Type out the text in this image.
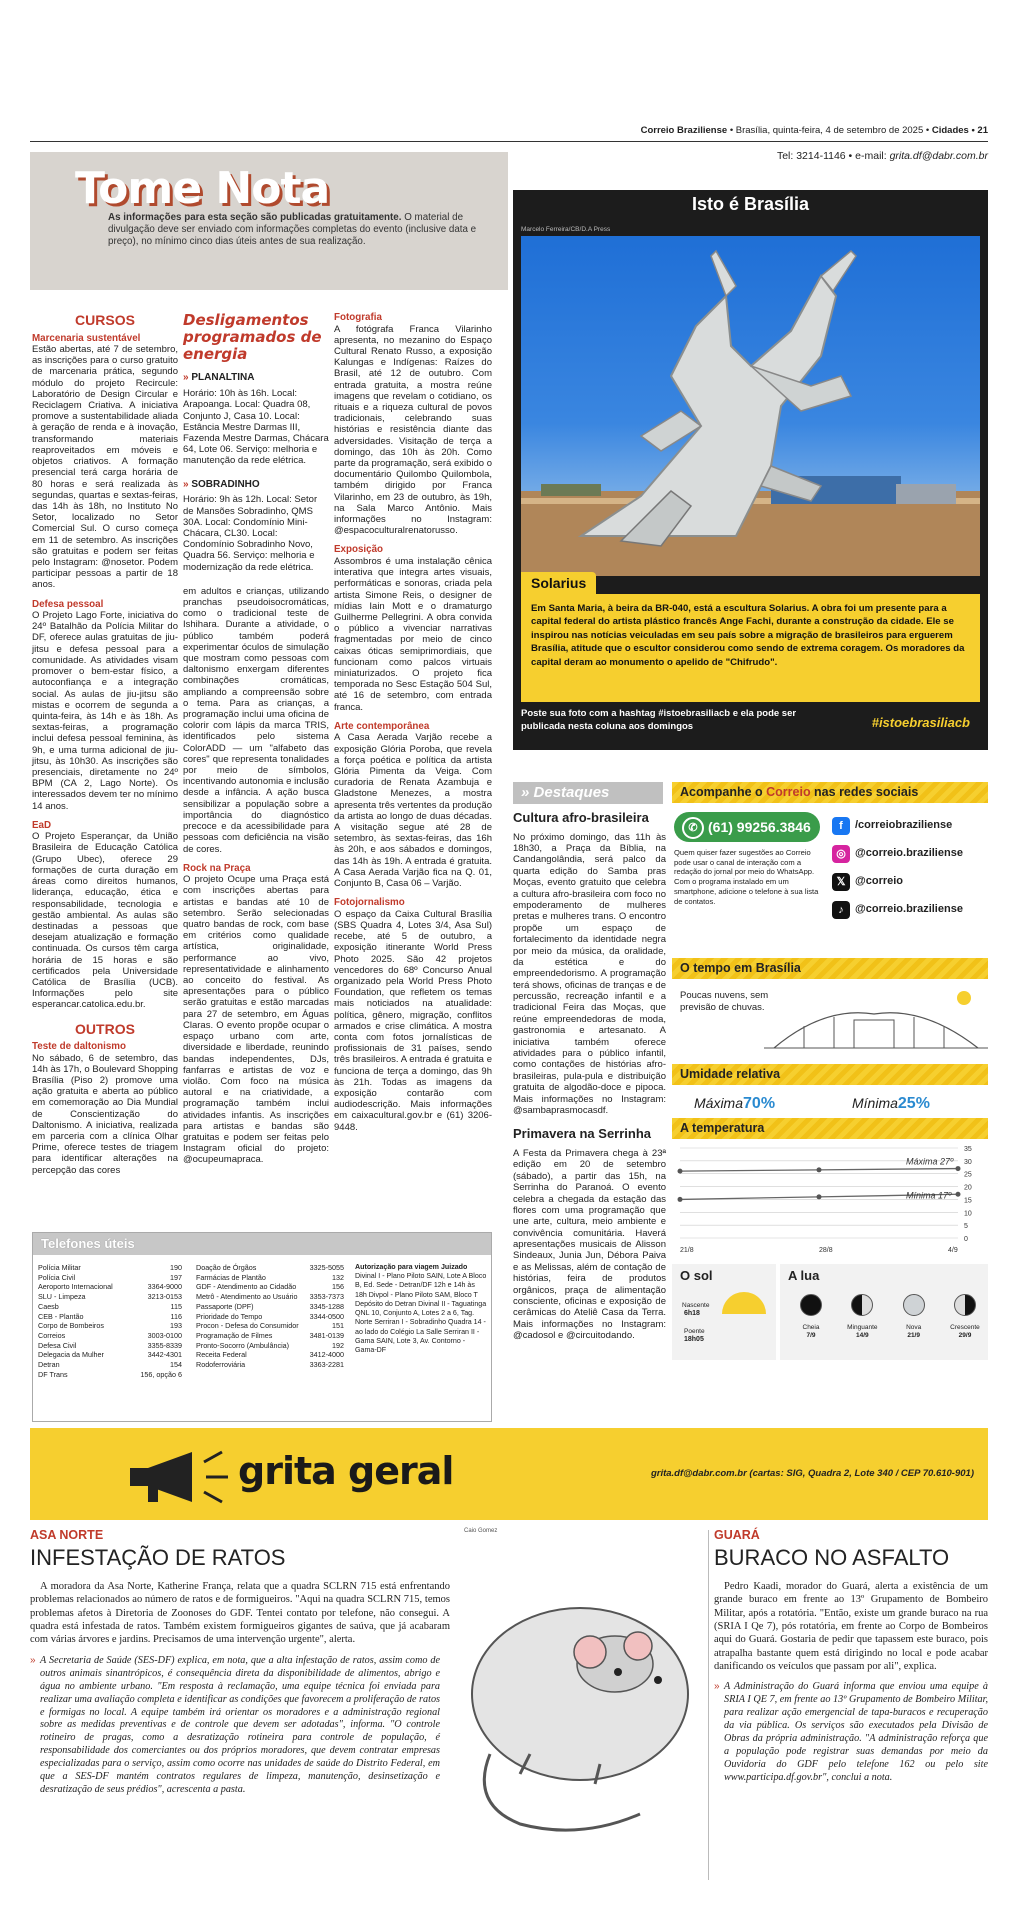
Correio Braziliense • Brasília, quinta-feira, 4 de setembro de 2025 • Cidades • 21
Tel: 3214-1146 • e-mail: grita.df@dabr.com.br
Tome Nota
As informações para esta seção são publicadas gratuitamente. O material de divulgação deve ser enviado com informações completas do evento (inclusive data e preço), no mínimo cinco dias úteis antes de sua realização.
CURSOS
Marcenaria sustentável

Estão abertas, até 7 de setembro, as inscrições para o curso gratuito de marcenaria prática, segundo módulo do projeto Recircule: Laboratório de Design Circular e Reciclagem Criativa. A iniciativa promove a sustentabilidade aliada à geração de renda e à inovação, transformando materiais reaproveitados em móveis e objetos criativos. A formação presencial terá carga horária de 80 horas e será realizada às segundas, quartas e sextas-feiras, das 14h às 18h, no Instituto No Setor, localizado no Setor Comercial Sul. O curso começa em 11 de setembro. As inscrições são gratuitas e podem ser feitas pelo Instagram: @nosetor. Podem participar pessoas a partir de 18 anos.

Defesa pessoal

O Projeto Lago Forte, iniciativa do 24º Batalhão da Polícia Militar do DF, oferece aulas gratuitas de jiu-jitsu e defesa pessoal para a comunidade. As atividades visam promover o bem-estar físico, a autoconfiança e a integração social. As aulas de jiu-jitsu são mistas e ocorrem de segunda a quinta-feira, às 14h e às 18h. As sextas-feiras, a programação inclui defesa pessoal feminina, às 9h, e uma turma adicional de jiu-jitsu, às 10h30. As inscrições são presenciais, diretamente no 24º BPM (CA 2, Lago Norte). Os interessados devem ter no mínimo 14 anos.

EaD

O Projeto Esperançar, da União Brasileira de Educação Católica (Grupo Ubec), oferece 29 formações de curta duração em áreas como direitos humanos, liderança, educação, ética e responsabilidade, tecnologia e gestão ambiental. As aulas são destinadas a pessoas que desejam atualização e formação continuada. Os cursos têm carga horária de 15 horas e são certificados pela Universidade Católica de Brasília (UCB). Informações pelo site esperancar.catolica.edu.br.

OUTROS
Teste de daltonismo

No sábado, 6 de setembro, das 14h às 17h, o Boulevard Shopping Brasília (Piso 2) promove uma ação gratuita e aberta ao público em comemoração ao Dia Mundial de Conscientização do Daltonismo. A iniciativa, realizada em parceria com a clínica Olhar Prime, oferece testes de triagem para identificar alterações na percepção das cores

Desligamentos programados de energia
» PLANALTINA

Horário: 10h às 16h. Local: Arapoanga. Local: Quadra 08, Conjunto J, Casa 10. Local: Estância Mestre Darmas III, Fazenda Mestre Darmas, Chácara 64, Lote 06. Serviço: melhoria e manutenção da rede elétrica.

» SOBRADINHO

Horário: 9h às 12h. Local: Setor de Mansões Sobradinho, QMS 30A. Local: Condomínio Mini-Chácara, CL30. Local: Condomínio Sobradinho Novo, Quadra 56. Serviço: melhoria e modernização da rede elétrica.

em adultos e crianças, utilizando pranchas pseudoisocromáticas, como o tradicional teste de Ishihara. Durante a atividade, o público também poderá experimentar óculos de simulação que mostram como pessoas com daltonismo enxergam diferentes combinações cromáticas, ampliando a compreensão sobre o tema. Para as crianças, a programação inclui uma oficina de colorir com lápis da marca TRIS, identificados pelo sistema ColorADD — um "alfabeto das cores" que representa tonalidades por meio de símbolos, incentivando autonomia e inclusão desde a infância. A ação busca sensibilizar a população sobre a importância do diagnóstico precoce e da acessibilidade para pessoas com deficiência na visão de cores.

Rock na Praça

O projeto Ocupe uma Praça está com inscrições abertas para artistas e bandas até 10 de setembro. Serão selecionadas quatro bandas de rock, com base em critérios como qualidade artística, originalidade, performance ao vivo, representatividade e alinhamento ao conceito do festival. As apresentações para o público serão gratuitas e estão marcadas para 27 de setembro, em Águas Claras. O evento propõe ocupar o espaço urbano com arte, diversidade e liberdade, reunindo bandas independentes, DJs, fanfarras e artistas de voz e violão. Com foco na música autoral e na criatividade, a programação também inclui atividades infantis. As inscrições para artistas e bandas são gratuitas e podem ser feitas pelo Instagram oficial do projeto: @ocupeumapraca.

Fotografia

A fotógrafa Franca Vilarinho apresenta, no mezanino do Espaço Cultural Renato Russo, a exposição Kalungas e Indígenas: Raízes do Brasil, até 12 de outubro. Com entrada gratuita, a mostra reúne imagens que revelam o cotidiano, os rituais e a riqueza cultural de povos tradicionais, celebrando suas histórias e resistência diante das adversidades. Visitação de terça a domingo, das 10h às 20h. Como parte da programação, será exibido o documentário Quilombo Quilombola, também dirigido por Franca Vilarinho, em 23 de outubro, às 19h, na Sala Marco Antônio. Mais informações no Instagram: @espacoculturalrenatorusso.

Exposição

Assombros é uma instalação cênica interativa que integra artes visuais, performáticas e sonoras, criada pela artista Simone Reis, o designer de mídias Iain Mott e o dramaturgo Guilherme Pellegrini. A obra convida o público a vivenciar narrativas fragmentadas por meio de cinco caixas óticas semiprimordiais, que funcionam como palcos virtuais miniaturizados. O projeto fica temporada no Sesc Estação 504 Sul, até 16 de setembro, com entrada franca.

Arte contemporânea

A Casa Aerada Varjão recebe a exposição Glória Poroba, que revela a força poética e política da artista Glória Pimenta da Veiga. Com curadoria de Renata Azambuja e Gladstone Menezes, a mostra apresenta três vertentes da produção da artista ao longo de duas décadas. A visitação segue até 28 de setembro, às sextas-feiras, das 16h às 20h, e aos sábados e domingos, das 14h às 19h. A entrada é gratuita. A Casa Aerada Varjão fica na Q. 01, Conjunto B, Casa 06 – Varjão.

Fotojornalismo

O espaço da Caixa Cultural Brasília (SBS Quadra 4, Lotes 3/4, Asa Sul) recebe, até 5 de outubro, a exposição itinerante World Press Photo 2025. São 42 projetos vencedores do 68º Concurso Anual organizado pela World Press Photo Foundation, que refletem os temas mais noticiados na atualidade: política, gênero, migração, conflitos armados e crise climática. A mostra conta com fotos jornalísticas de profissionais de 31 países, sendo três brasileiros. A entrada é gratuita e funciona de terça a domingo, das 9h às 21h. Todas as imagens da exposição contarão com audiodescrição. Mais informações em caixacultural.gov.br e (61) 3206-9448.

Telefones úteis
Polícia Militar	190
Polícia Civil	197
Aeroporto Internacional	3364-9000
SLU - Limpeza	3213-0153
Caesb	115
CEB - Plantão	116
Corpo de Bombeiros	193
Correios	3003-0100
Defesa Civil	3355-8339
Delegacia da Mulher	3442-4301
Detran	154
DF Trans	156, opção 6
Doação de Órgãos	3325-5055
Farmácias de Plantão	132
GDF - Atendimento ao Cidadão	156
Metrô - Atendimento ao Usuário	3353-7373
Passaporte (DPF)	3345-1288
Prioridade do Tempo	3344-0500
Procon - Defesa do Consumidor	151
Programação de Filmes	3481-0139
Pronto-Socorro (Ambulância)	192
Receita Federal	3412-4000
Rodoferroviária	3363-2281
Autorização para viagem Juizado
Divinal I - Plano Piloto SAIN, Lote A Bloco B, Ed. Sede - Detran/DF 12h e 14h às 18h Divpol - Plano Piloto SAM, Bloco T Depósito do Detran Divinal II - Taguatinga QNL 10, Conjunto A, Lotes 2 a 6, Tag. Norte Serriran I - Sobradinho Quadra 14 - ao lado do Colégio La Salle Serriran II - Gama SAIN, Lote 3, Av. Contorno - Gama-DF
Isto é Brasília
Marcelo Ferreira/CB/D.A Press
Solarius
Em Santa Maria, à beira da BR-040, está a escultura Solarius. A obra foi um presente para a capital federal do artista plástico francês Ange Fachi, durante a construção da cidade. Ele se inspirou nas notícias veiculadas em seu país sobre a migração de brasileiros para erguerem Brasília, atitude que o escultor considerou como sendo de extrema coragem. Os moradores da capital deram ao monumento o apelido de "Chifrudo".
Poste sua foto com a hashtag #istoebrasiliacb e ela pode ser publicada nesta coluna aos domingos	#istoebrasiliacb
» Destaques
Cultura afro-brasileira

No próximo domingo, das 11h às 18h30, a Praça da Bíblia, na Candangolândia, será palco da quarta edição do Samba pras Moças, evento gratuito que celebra a cultura afro-brasileira com foco no empoderamento de mulheres pretas e mulheres trans. O encontro propõe um espaço de fortalecimento da identidade negra por meio da música, da oralidade, da estética e do empreendedorismo. A programação terá shows, oficinas de tranças e de percussão, recreação infantil e a tradicional Feira das Moças, que reúne empreendedoras de moda, gastronomia e artesanato. A iniciativa também oferece atividades para o público infantil, como contações de histórias afro-brasileiras, pula-pula e distribuição gratuita de algodão-doce e pipoca. Mais informações no Instagram: @sambaprasmocasdf.

Primavera na Serrinha

A Festa da Primavera chega à 23ª edição em 20 de setembro (sábado), a partir das 15h, na Serrinha do Paranoá. O evento celebra a chegada da estação das flores com uma programação que une arte, cultura, meio ambiente e convivência comunitária. Haverá apresentações musicais de Alisson Sindeaux, Junia Jun, Débora Paiva e as Melissas, além de contação de histórias, feira de produtos orgânicos, praça de alimentação consciente, oficinas e exposição de cerâmicas do Ateliê Casa da Terra. Mais informações no Instagram: @cadosol e @circuitodando.

Acompanhe o Correio nas redes sociais
✆ (61) 99256.3846
Quem quiser fazer sugestões ao Correio pode usar o canal de interação com a redação do jornal por meio do WhatsApp. Com o programa instalado em um smartphone, adicione o telefone à sua lista de contatos.
f	/correiobraziliense
◎ @correio.braziliense
𝕏 @correio
♪	@correio.braziliense
O tempo em Brasília
Poucas nuvens, sem previsão de chuvas.
Umidade relativa
Máxima70%	Mínima25%
A temperatura
0
5
10
15
20
25
30
35
21/8	28/8	4/9
Máxima 27º
Mínima 17º
O sol
Nascente
6h18
Poente
18h05
A lua
Cheia
7/9
Minguante
14/9
Nova
21/9
Crescente
29/9
grita geral	grita.df@dabr.com.br (cartas: SIG, Quadra 2, Lote 340 / CEP 70.610-901)
ASA NORTE
INFESTAÇÃO DE RATOS
Caio Gomez

A moradora da Asa Norte, Katherine França, relata que a quadra SCLRN 715 está enfrentando problemas relacionados ao número de ratos e de formigueiros. "Aqui na quadra SCLRN 715, temos problemas afetos à Diretoria de Zoonoses do GDF. Tentei contato por telefone, não consegui. A quadra está infestada de ratos. Também existem formigueiros gigantes de saúva, que já acabaram com várias árvores e jardins. Precisamos de uma intervenção urgente", alerta.

» A Secretaria de Saúde (SES-DF) explica, em nota, que a alta infestação de ratos, assim como de outros animais sinantrópicos, é consequência direta da disponibilidade de alimentos, abrigo e água no ambiente urbano. "Em resposta à reclamação, uma equipe técnica foi enviada para realizar uma avaliação completa e identificar as condições que favorecem a proliferação de ratos e formigas no local. A equipe também irá orientar os moradores e a administração regional sobre as medidas preventivas e de controle que devem ser adotadas", informa. "O controle rotineiro de pragas, como a desratização rotineira para controle de população, é responsabilidade dos comerciantes ou dos próprios moradores, que devem contratar empresas especializadas para o serviço, assim como ocorre nas unidades de saúde do Distrito Federal, em que a SES-DF mantém contratos regulares de limpeza, manutenção, desinsetização e desratização de seus prédios", acrescenta a pasta.

GUARÁ
BURACO NO ASFALTO

Pedro Kaadi, morador do Guará, alerta a existência de um grande buraco em frente ao 13º Grupamento de Bombeiro Militar, após a rotatória. "Então, existe um grande buraco na rua (SRIA I Qe 7), pós rotatória, em frente ao Corpo de Bombeiros aqui do Guará. Gostaria de pedir que tapassem este buraco, pois atrapalha bastante quem está dirigindo no local e pode acabar danificando os veículos que passam por ali", explica.

» A Administração do Guará informa que enviou uma equipe à SRIA I QE 7, em frente ao 13º Grupamento de Bombeiro Militar, para realizar ação emergencial de tapa-buracos e recuperação da via pública. Os serviços são executados pela Divisão de Obras da própria administração. "A administração reforça que a população pode registrar suas demandas por meio da Ouvidoria do GDF pelo telefone 162 ou pelo site www.participa.df.gov.br", conclui a nota.
